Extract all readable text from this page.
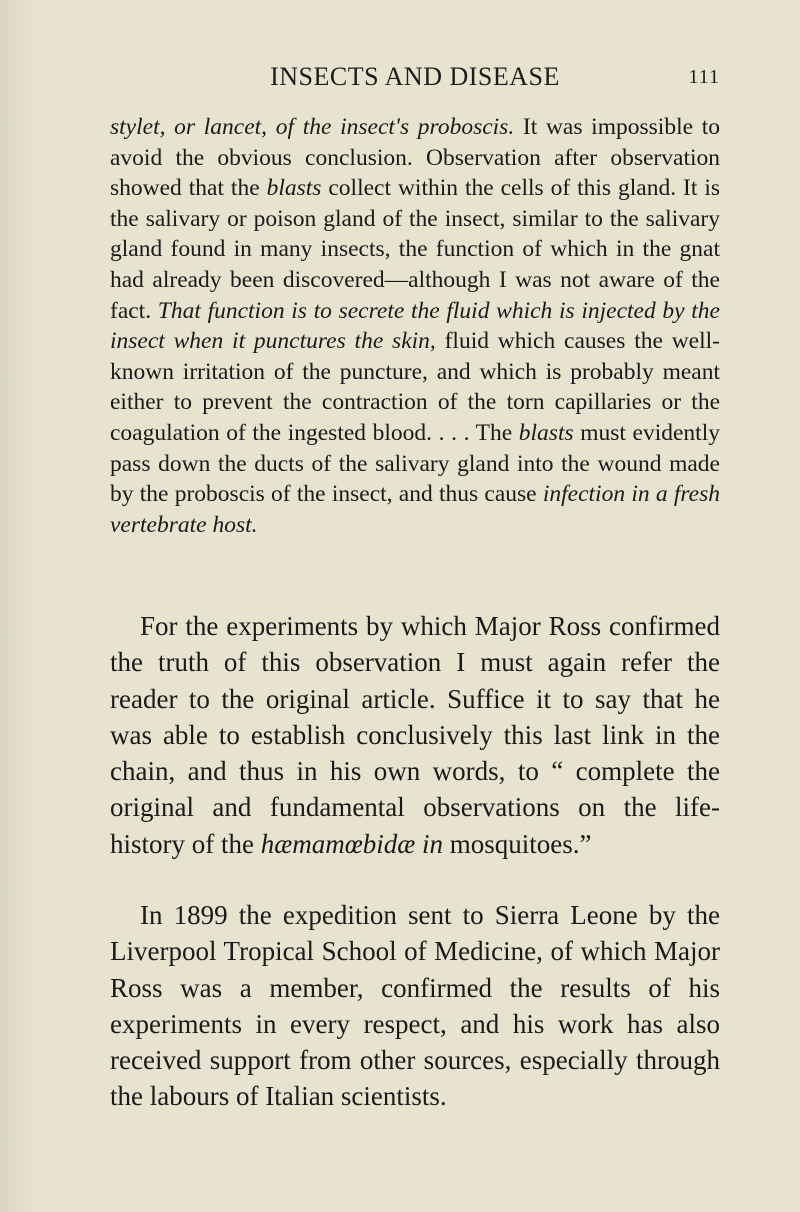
INSECTS AND DISEASE	111

stylet, or lancet, of the insect's proboscis. It was impossible to avoid the obvious conclusion. Observation after observation showed that the blasts collect within the cells of this gland. It is the salivary or poison gland of the insect, similar to the salivary gland found in many insects, the function of which in the gnat had already been discovered—although I was not aware of the fact. That function is to secrete the fluid which is injected by the insect when it punctures the skin, fluid which causes the well-known irritation of the puncture, and which is probably meant either to prevent the contraction of the torn capillaries or the coagulation of the ingested blood. . . . The blasts must evidently pass down the ducts of the salivary gland into the wound made by the proboscis of the insect, and thus cause infection in a fresh vertebrate host.

For the experiments by which Major Ross confirmed the truth of this observation I must again refer the reader to the original article. Suffice it to say that he was able to establish conclusively this last link in the chain, and thus in his own words, to “ complete the original and fundamental observations on the life-history of the hæmamœbidæ in mosquitoes.”

In 1899 the expedition sent to Sierra Leone by the Liverpool Tropical School of Medicine, of which Major Ross was a member, confirmed the results of his experiments in every respect, and his work has also received support from other sources, especially through the labours of Italian scientists.
